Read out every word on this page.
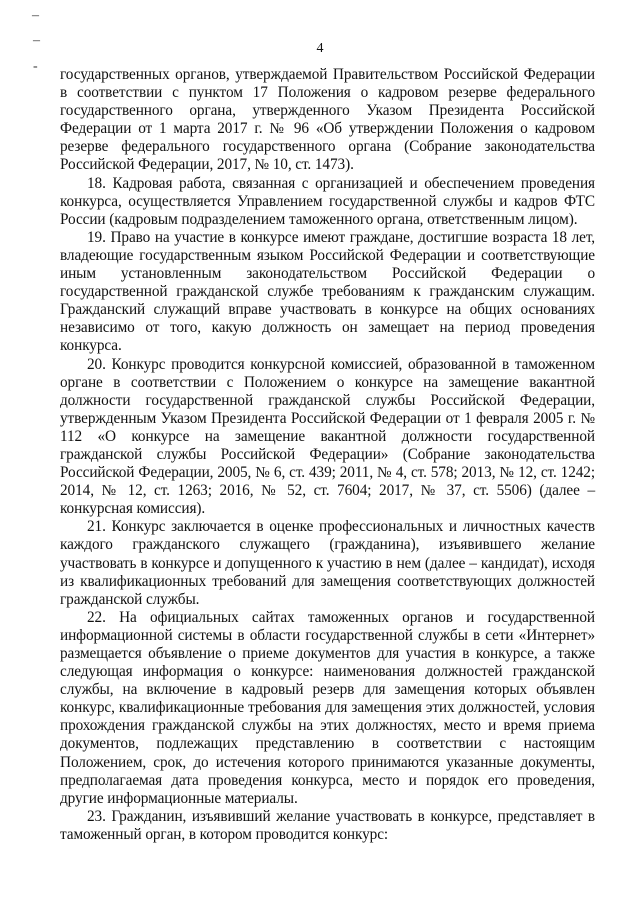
–
–
-
4

государственных органов, утверждаемой Правительством Российской Федерации в соответствии с пунктом 17 Положения о кадровом резерве федерального государственного органа, утвержденного Указом Президента Российской Федерации от 1 марта 2017 г. № 96 «Об утверждении Положения о кадровом резерве федерального государственного органа (Собрание законодательства Российской Федерации, 2017, № 10, ст. 1473).

18. Кадровая работа, связанная с организацией и обеспечением проведения конкурса, осуществляется Управлением государственной службы и кадров ФТС России (кадровым подразделением таможенного органа, ответственным лицом).

19. Право на участие в конкурсе имеют граждане, достигшие возраста 18 лет, владеющие государственным языком Российской Федерации и соответствующие иным установленным законодательством Российской Федерации о государственной гражданской службе требованиям к гражданским служащим. Гражданский служащий вправе участвовать в конкурсе на общих основаниях независимо от того, какую должность он замещает на период проведения конкурса.

20. Конкурс проводится конкурсной комиссией, образованной в таможенном органе в соответствии с Положением о конкурсе на замещение вакантной должности государственной гражданской службы Российской Федерации, утвержденным Указом Президента Российской Федерации от 1 февраля 2005 г. № 112 «О конкурсе на замещение вакантной должности государственной гражданской службы Российской Федерации» (Собрание законодательства Российской Федерации, 2005, № 6, ст. 439; 2011, № 4, ст. 578; 2013, № 12, ст. 1242; 2014, № 12, ст. 1263; 2016, № 52, ст. 7604; 2017, № 37, ст. 5506) (далее – конкурсная комиссия).

21. Конкурс заключается в оценке профессиональных и личностных качеств каждого гражданского служащего (гражданина), изъявившего желание участвовать в конкурсе и допущенного к участию в нем (далее – кандидат), исходя из квалификационных требований для замещения соответствующих должностей гражданской службы.

22. На официальных сайтах таможенных органов и государственной информационной системы в области государственной службы в сети «Интернет» размещается объявление о приеме документов для участия в конкурсе, а также следующая информация о конкурсе: наименования должностей гражданской службы, на включение в кадровый резерв для замещения которых объявлен конкурс, квалификационные требования для замещения этих должностей, условия прохождения гражданской службы на этих должностях, место и время приема документов, подлежащих представлению в соответствии с настоящим Положением, срок, до истечения которого принимаются указанные документы, предполагаемая дата проведения конкурса, место и порядок его проведения, другие информационные материалы.

23. Гражданин, изъявивший желание участвовать в конкурсе, представляет в таможенный орган, в котором проводится конкурс:
